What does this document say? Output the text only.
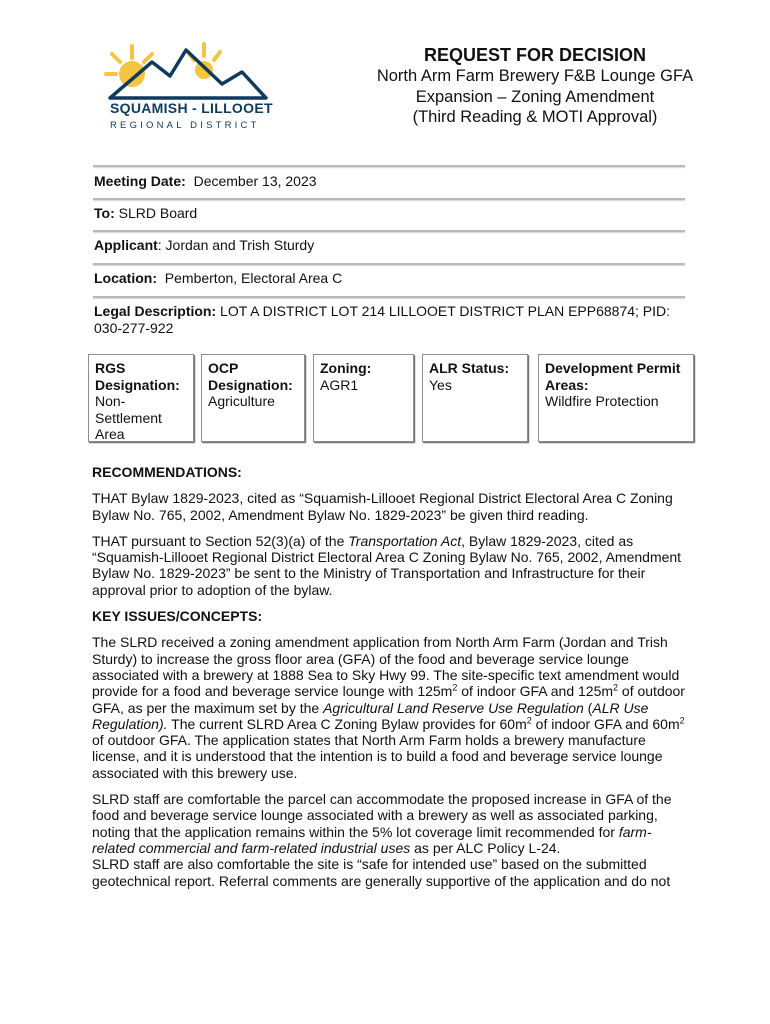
SQUAMISH - LILLOOET
REGIONAL DISTRICT
REQUEST FOR DECISION
North Arm Farm Brewery F&B Lounge GFA
Expansion – Zoning Amendment
(Third Reading & MOTI Approval)
Meeting Date: December 13, 2023
To: SLRD Board
Applicant: Jordan and Trish Sturdy
Location: Pemberton, Electoral Area C
Legal Description: LOT A DISTRICT LOT 214 LILLOOET DISTRICT PLAN EPP68874; PID: 030-277-922
RGS Designation:
Non-Settlement Area
OCP Designation:
Agriculture
Zoning:
AGR1
ALR Status:
Yes
Development Permit Areas:
Wildfire Protection
RECOMMENDATIONS:

THAT Bylaw 1829-2023, cited as “Squamish-Lillooet Regional District Electoral Area C Zoning Bylaw No. 765, 2002, Amendment Bylaw No. 1829-2023” be given third reading.

THAT pursuant to Section 52(3)(a) of the Transportation Act, Bylaw 1829-2023, cited as “Squamish-Lillooet Regional District Electoral Area C Zoning Bylaw No. 765, 2002, Amendment Bylaw No. 1829-2023” be sent to the Ministry of Transportation and Infrastructure for their approval prior to adoption of the bylaw.

KEY ISSUES/CONCEPTS:

The SLRD received a zoning amendment application from North Arm Farm (Jordan and Trish Sturdy) to increase the gross floor area (GFA) of the food and beverage service lounge associated with a brewery at 1888 Sea to Sky Hwy 99. The site-specific text amendment would provide for a food and beverage service lounge with $125m^2$ of indoor GFA and $125m^2$ of outdoor GFA, as per the maximum set by the Agricultural Land Reserve Use Regulation (ALR Use Regulation). The current SLRD Area C Zoning Bylaw provides for $60m^2$ of indoor GFA and $60m^2$ of outdoor GFA. The application states that North Arm Farm holds a brewery manufacture license, and it is understood that the intention is to build a food and beverage service lounge associated with this brewery use.

SLRD staff are comfortable the parcel can accommodate the proposed increase in GFA of the food and beverage service lounge associated with a brewery as well as associated parking, noting that the application remains within the 5% lot coverage limit recommended for farm-related commercial and farm-related industrial uses as per ALC Policy L-24.

SLRD staff are also comfortable the site is “safe for intended use” based on the submitted geotechnical report. Referral comments are generally supportive of the application and do not
